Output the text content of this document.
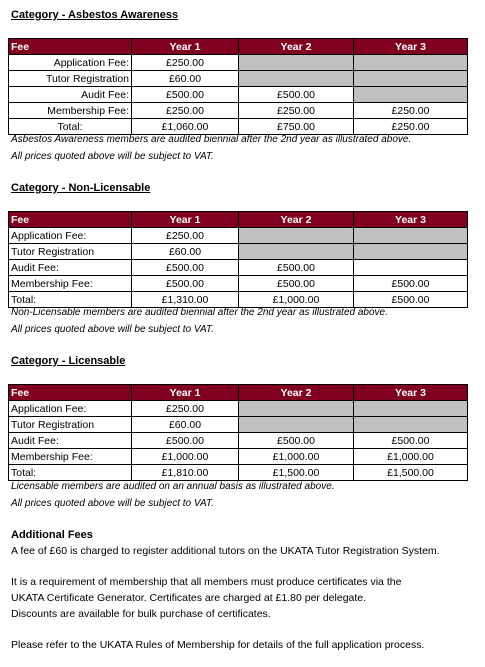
Category - Asbestos Awareness
Fee	Year 1	Year 2	Year 3
Application Fee:	£250.00		
Tutor Registration	£60.00		
Audit Fee:	£500.00	£500.00	
Membership Fee:	£250.00	£250.00	£250.00
Total:	£1,060.00	£750.00	£250.00
Asbestos Awareness members are audited biennial after the 2nd year as illustrated above.
All prices quoted above will be subject to VAT.
Category - Non-Licensable
Fee	Year 1	Year 2	Year 3
Application Fee:	£250.00		
Tutor Registration	£60.00		
Audit Fee:	£500.00	£500.00	
Membership Fee:	£500.00	£500.00	£500.00
Total:	£1,310.00	£1,000.00	£500.00
Non-Licensable members are audited biennial after the 2nd year as illustrated above.
All prices quoted above will be subject to VAT.
Category - Licensable
Fee	Year 1	Year 2	Year 3
Application Fee:	£250.00		
Tutor Registration	£60.00		
Audit Fee:	£500.00	£500.00	£500.00
Membership Fee:	£1,000.00	£1,000.00	£1,000.00
Total:	£1,810.00	£1,500.00	£1,500.00
Licensable members are audited on an annual basis as illustrated above.
All prices quoted above will be subject to VAT.
Additional Fees
A fee of £60 is charged to register additional tutors on the UKATA Tutor Registration System.
It is a requirement of membership that all members must produce certificates via the
UKATA Certificate Generator. Certificates are charged at £1.80 per delegate.
Discounts are available for bulk purchase of certificates.
Please refer to the UKATA Rules of Membership for details of the full application process.
